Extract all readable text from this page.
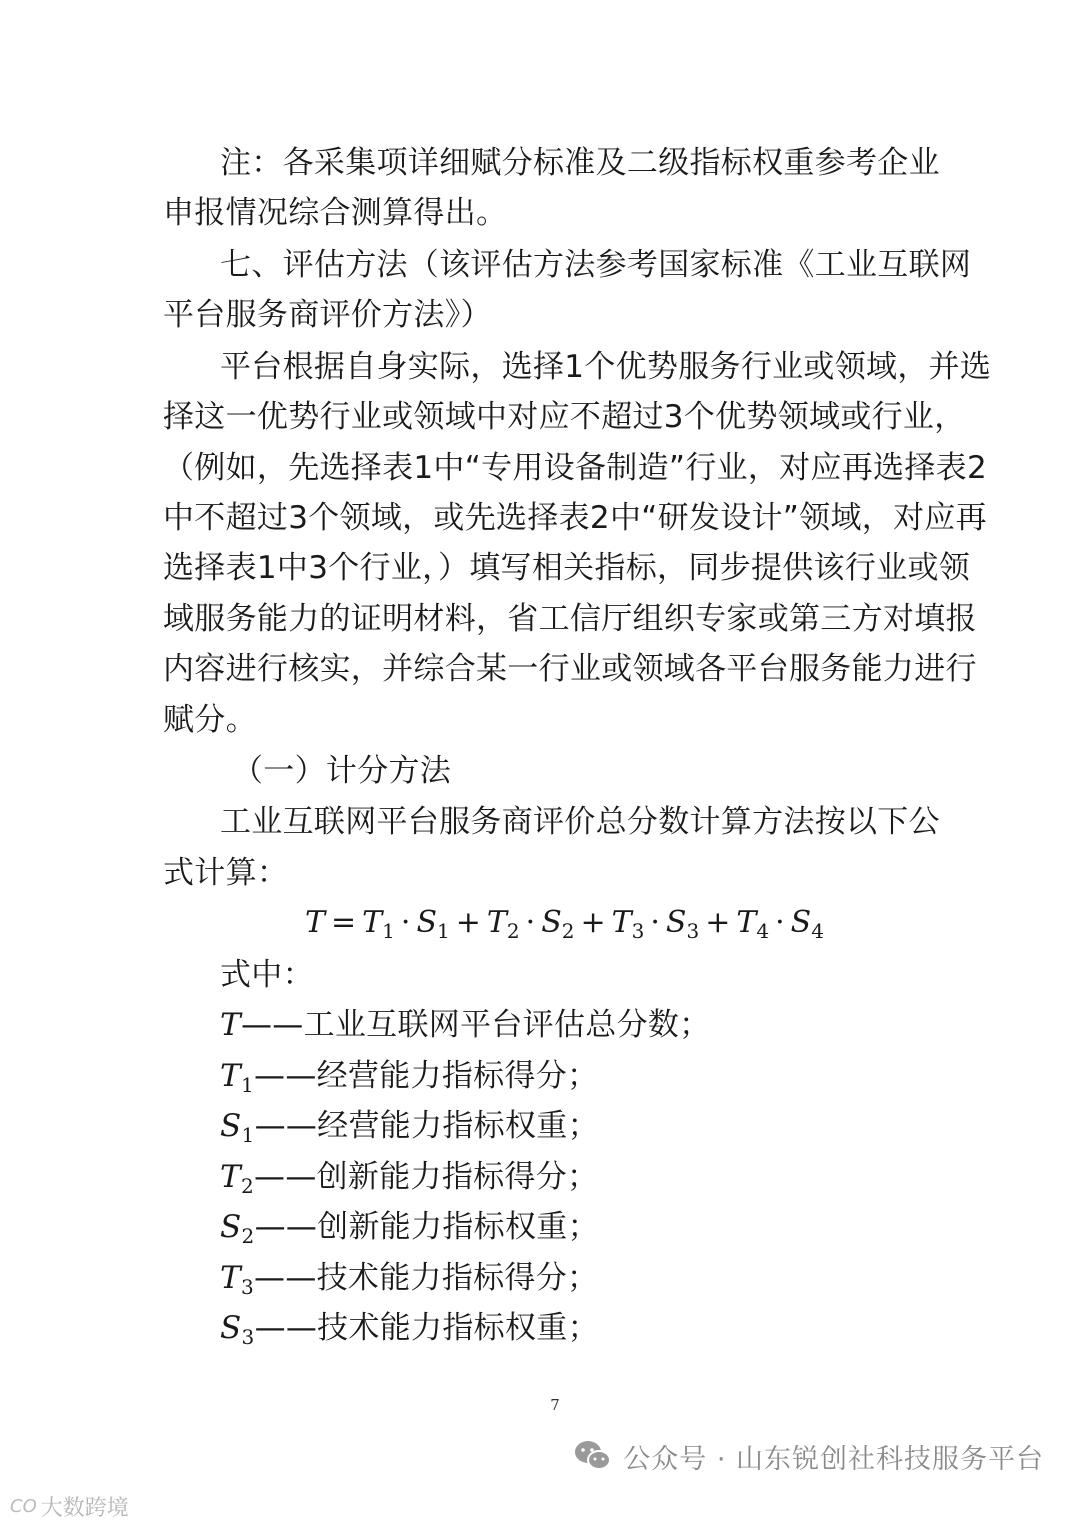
注：各采集项详细赋分标准及二级指标权重参考企业
申报情况综合测算得出。
七、评估方法（该评估方法参考国家标准《工业互联网
平台服务商评价方法》）
平台根据自身实际，选择1个优势服务行业或领域，并选
择这一优势行业或领域中对应不超过3个优势领域或行业，
（例如，先选择表1中“专用设备制造”行业，对应再选择表2
中不超过3个领域，或先选择表2中“研发设计”领域，对应再
选择表1中3个行业，）填写相关指标，同步提供该行业或领
域服务能力的证明材料，省工信厅组织专家或第三方对填报
内容进行核实，并综合某一行业或领域各平台服务能力进行
赋分。
（一）计分方法
工业互联网平台服务商评价总分数计算方法按以下公
式计算：
$T = T_1 \cdot S_1 + T_2 \cdot S_2 + T_3 \cdot S_3 + T_4 \cdot S_4$
式中：
T——工业互联网平台评估总分数；
$T_1——$经营能力指标得分；
$S_1——$经营能力指标权重；
$T_2——$创新能力指标得分；
$S_2——$创新能力指标权重；
$T_3——$技术能力指标得分；
$S_3——$技术能力指标权重；
7
公众号 · 山东锐创社科技服务平台
CO 大数跨境
